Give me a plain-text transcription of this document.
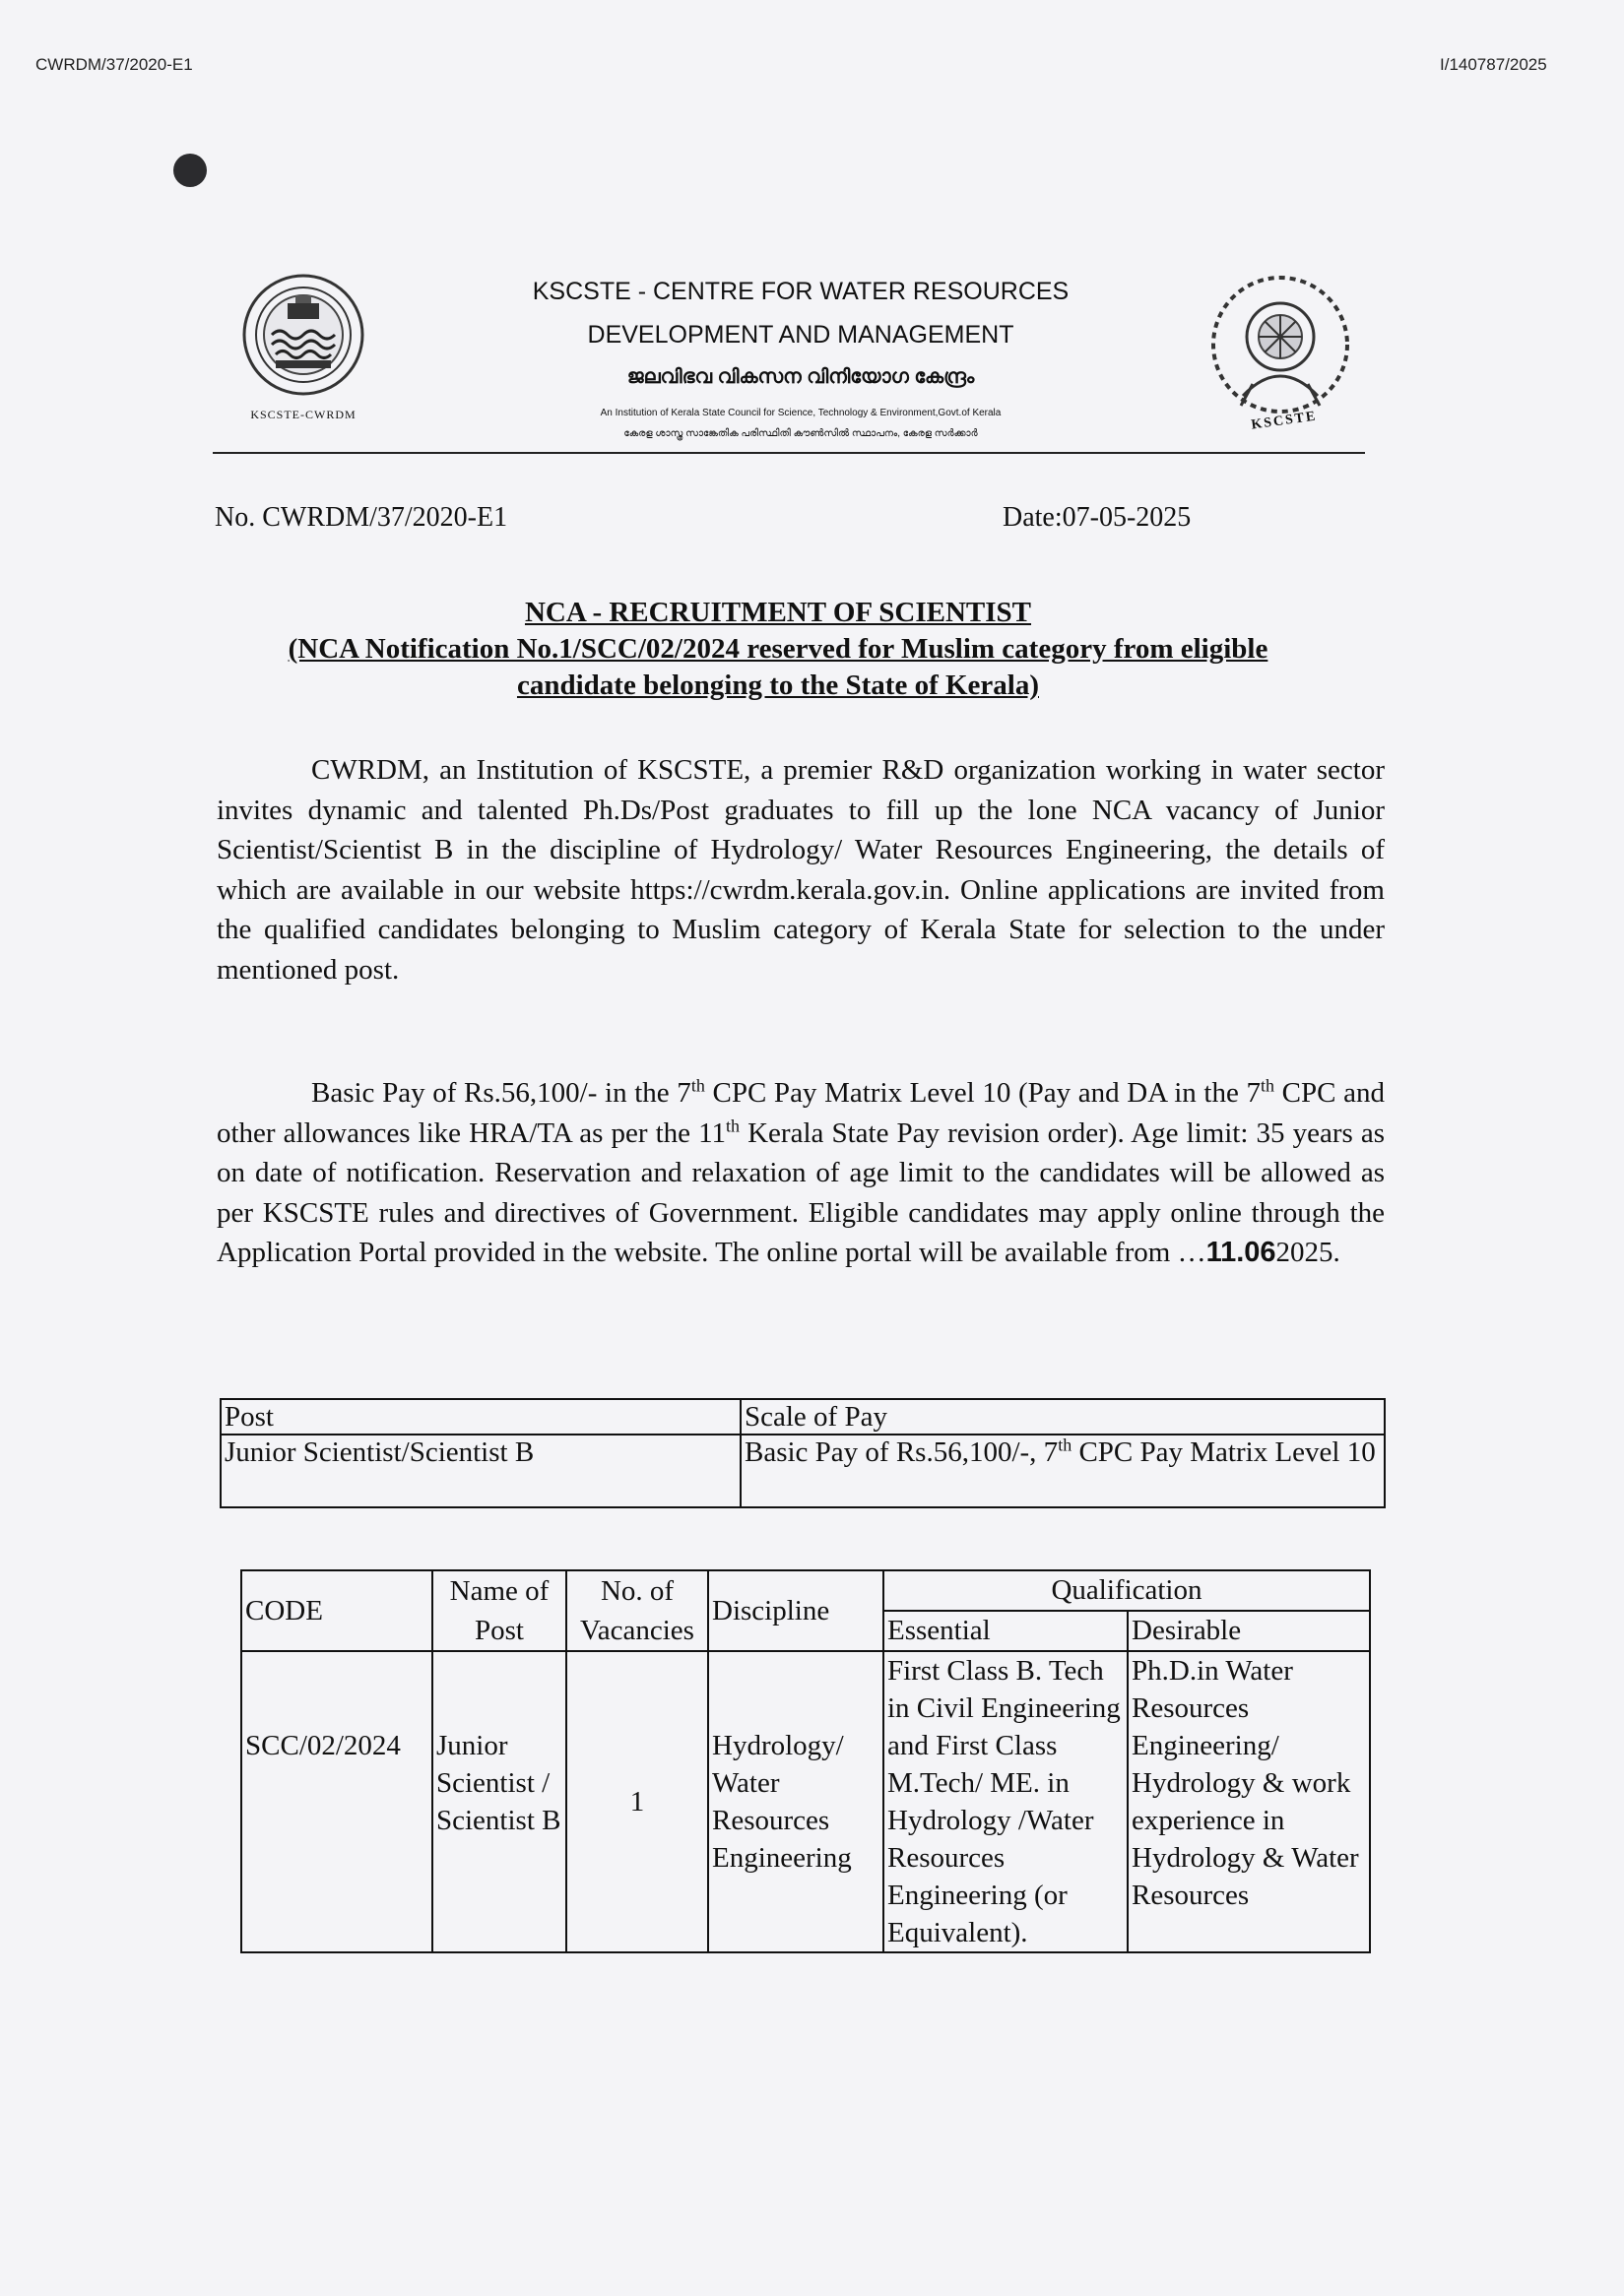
CWRDM/37/2020-E1	I/140787/2025
KSCSTE-CWRDM
KSCSTE - CENTRE FOR WATER RESOURCES
DEVELOPMENT AND MANAGEMENT
ജലവിഭവ വികസന വിനിയോഗ കേന്ദ്രം
An Institution of Kerala State Council for Science, Technology & Environment,Govt.of Kerala
കേരള ശാസ്ത്ര സാങ്കേതിക പരിസ്ഥിതി കൗൺസിൽ സ്ഥാപനം, കേരള സർക്കാർ
KSCSTE
No. CWRDM/37/2020-E1	Date:07-05-2025
NCA - RECRUITMENT OF SCIENTIST
(NCA Notification No.1/SCC/02/2024 reserved for Muslim category from eligible
candidate belonging to the State of Kerala)

CWRDM, an Institution of KSCSTE, a premier R&D organization working in water sector invites dynamic and talented Ph.Ds/Post graduates to fill up the lone NCA vacancy of Junior Scientist/Scientist B in the discipline of Hydrology/ Water Resources Engineering, the details of which are available in our website https://cwrdm.kerala.gov.in. Online applications are invited from the qualified candidates belonging to Muslim category of Kerala State for selection to the under mentioned post.

Basic Pay of Rs.56,100/- in the 7th CPC Pay Matrix Level 10 (Pay and DA in the 7th CPC and other allowances like HRA/TA as per the 11th Kerala State Pay revision order). Age limit: 35 years as on date of notification. Reservation and relaxation of age limit to the candidates will be allowed as per KSCSTE rules and directives of Government. Eligible candidates may apply online through the Application Portal provided in the website. The online portal will be available from …11.062025.

Post	Scale of Pay
Junior Scientist/Scientist B	Basic Pay of Rs.56,100/-, 7th CPC Pay Matrix Level 10
CODE	Name of Post	No. of Vacancies	Discipline	Qualification	
				Essential	Desirable
SCC/02/2024	Junior Scientist / Scientist B	1	Hydrology/ Water Resources Engineering	First Class B. Tech in Civil Engineering and First Class M.Tech/ ME. in Hydrology /Water Resources Engineering (or Equivalent).	Ph.D.in Water Resources Engineering/ Hydrology & work experience in Hydrology & Water Resources
